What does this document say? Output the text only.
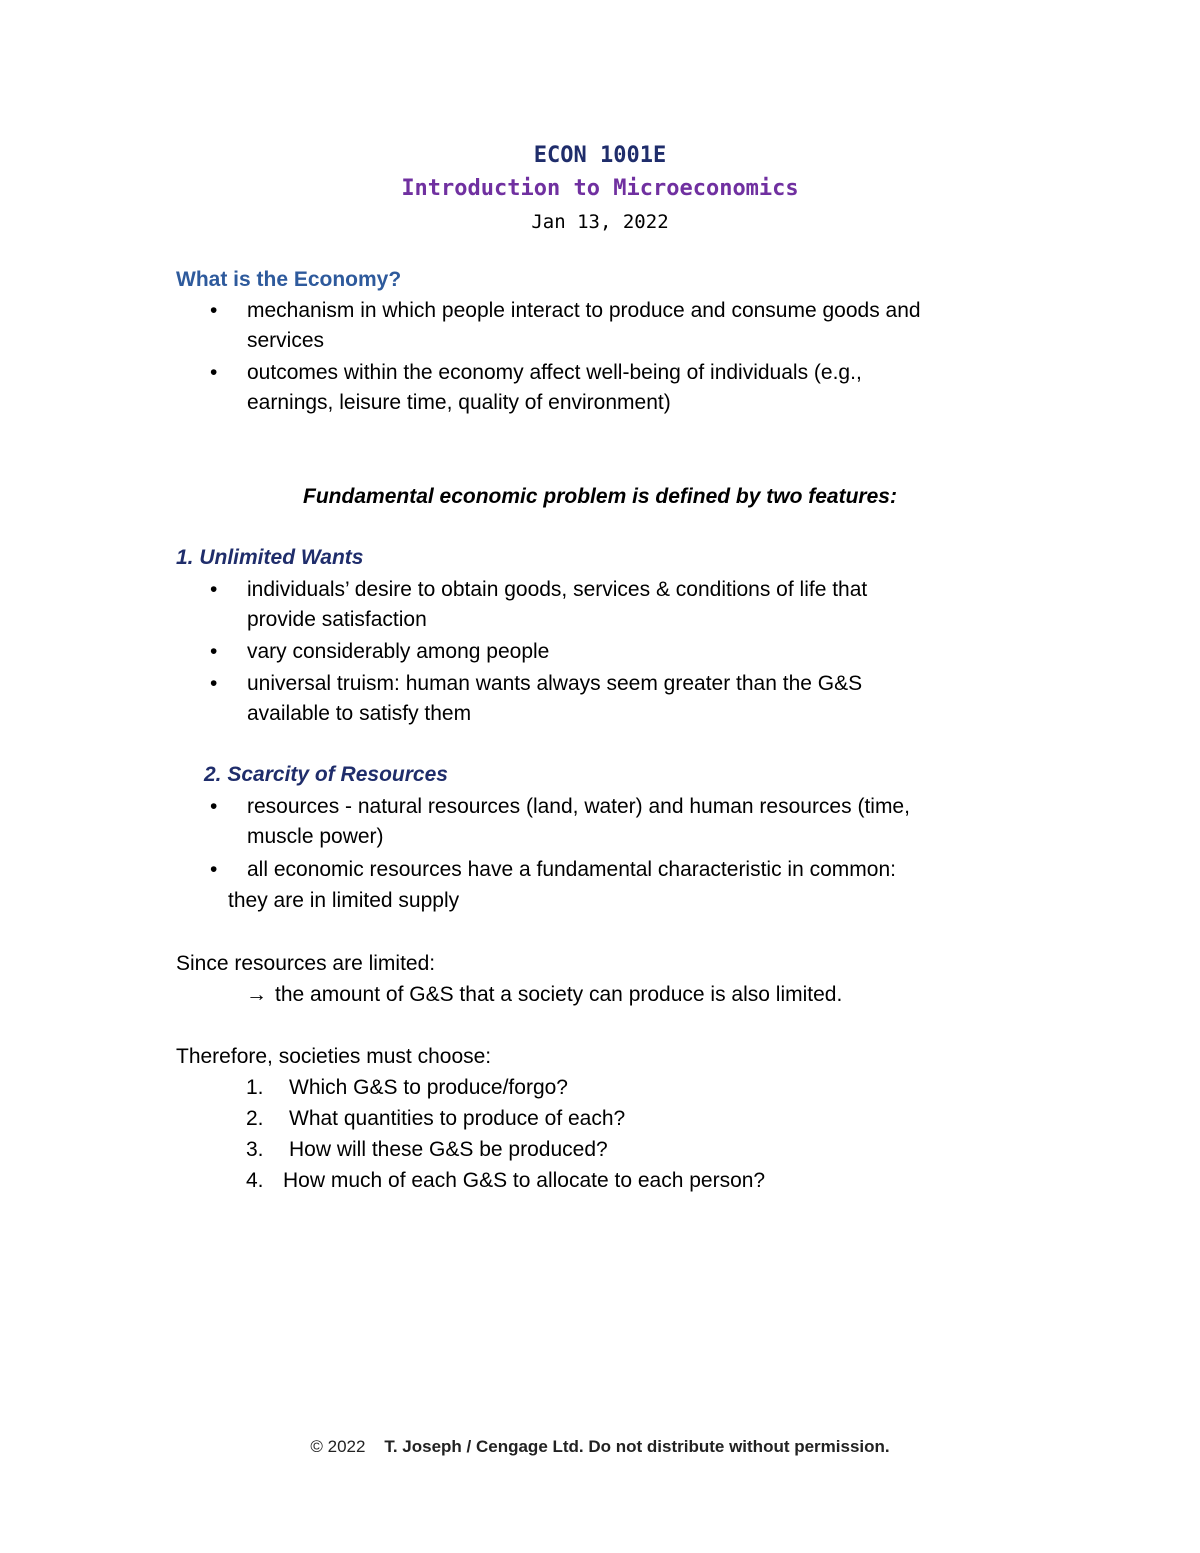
ECON 1001E
Introduction to Microeconomics
Jan 13, 2022
What is the Economy?
• mechanism in which people interact to produce and consume goods and
services
• outcomes within the economy affect well-being of individuals (e.g.,
earnings, leisure time, quality of environment)
Fundamental economic problem is defined by two features:
1. Unlimited Wants
• individuals’ desire to obtain goods, services & conditions of life that
provide satisfaction
• vary considerably among people
• universal truism: human wants always seem greater than the G&S
available to satisfy them
2. Scarcity of Resources
• resources - natural resources (land, water) and human resources (time,
muscle power)
• all economic resources have a fundamental characteristic in common:
they are in limited supply
Since resources are limited:
→ the amount of G&S that a society can produce is also limited.
Therefore, societies must choose:
1. Which G&S to produce/forgo?
2. What quantities to produce of each?
3. How will these G&S be produced?
4. How much of each G&S to allocate to each person?
© 2022 T. Joseph / Cengage Ltd. Do not distribute without permission.
